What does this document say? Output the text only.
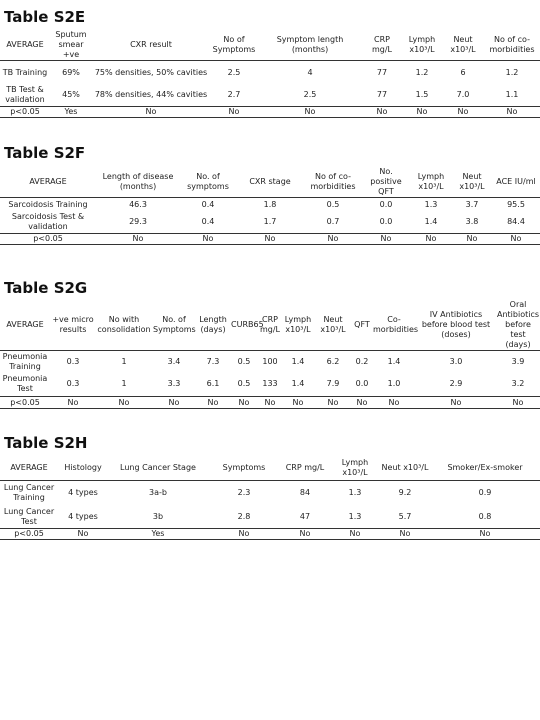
Table S2E
AVERAGE	Sputum smear +ve	CXR result	No of Symptoms	Symptom length (months)	CRP mg/L	Lymph x10³/L	Neut x10³/L	No of co-morbidities
TB Training	69%	75% densities, 50% cavities	2.5	4	77	1.2	6	1.2
TB Test & validation	45%	78% densities, 44% cavities	2.7	2.5	77	1.5	7.0	1.1
p<0.05	Yes	No	No	No	No	No	No	No
Table S2F
AVERAGE	Length of disease (months)	No. of symptoms	CXR stage	No of co-morbidities	No. positive QFT	Lymph x10³/L	Neut x10³/L	ACE IU/ml
Sarcoidosis Training	46.3	0.4	1.8	0.5	0.0	1.3	3.7	95.5
Sarcoidosis Test & validation	29.3	0.4	1.7	0.7	0.0	1.4	3.8	84.4
p<0.05	No	No	No	No	No	No	No	No
Table S2G
AVERAGE	+ve micro results	No with consolidation	No. of Symptoms	Length (days)	CURB65	CRP mg/L	Lymph x10³/L	Neut x10³/L	QFT	Co-morbidities	IV Antibiotics before blood test (doses)	Oral Antibiotics before test (days)
Pneumonia Training	0.3	1	3.4	7.3	0.5	100	1.4	6.2	0.2	1.4	3.0	3.9
Pneumonia Test	0.3	1	3.3	6.1	0.5	133	1.4	7.9	0.0	1.0	2.9	3.2
p<0.05	No	No	No	No	No	No	No	No	No	No	No	No
Table S2H
AVERAGE	Histology	Lung Cancer Stage	Symptoms	CRP mg/L	Lymph x10³/L	Neut x10³/L	Smoker/Ex-smoker
Lung Cancer Training	4 types	3a-b	2.3	84	1.3	9.2	0.9
Lung Cancer Test	4 types	3b	2.8	47	1.3	5.7	0.8
p<0.05	No	Yes	No	No	No	No	No
